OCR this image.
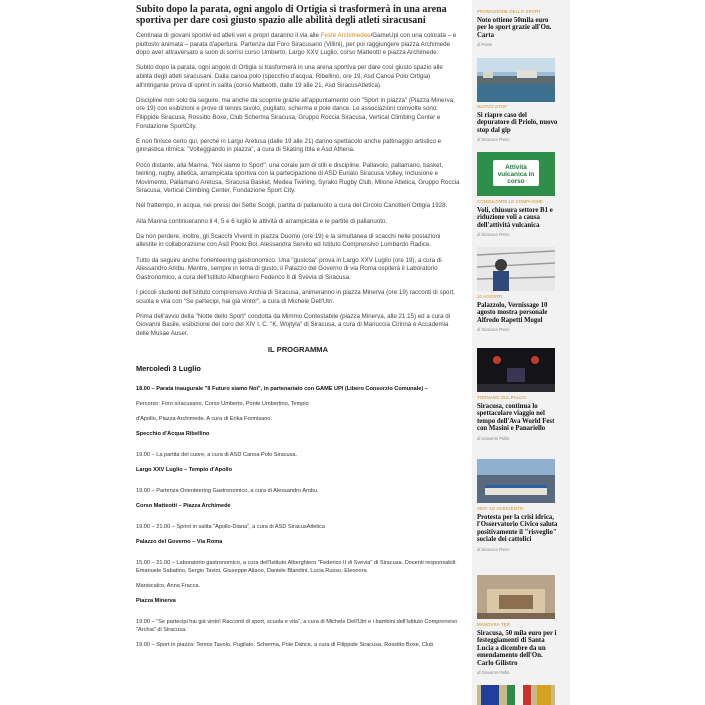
Subito dopo la parata, ogni angolo di Ortigia si trasformerà in una arena sportiva per dare così giusto spazio alle abilità degli atleti siracusani

Centinaia di giovani sportivi ed atleti veri e propri daranno il via alle Feste Archimedee/GameUpi con una colorata – e piuttosto animata – parata d'apertura. Partenza dal Foro Siracusano (Villini), per poi raggiungere piazza Archimede dopo aver attraversato a suon di sorrisi corso Umberto, Largo XXV Luglio, corso Matteotti e piazza Archimede.

Subito dopo la parata, ogni angolo di Ortigia si trasformerà in una arena sportiva per dare così giusto spazio alle abilità degli atleti siracusani. Dalla canoa polo (specchio d'acqua, Ribellino, ore 19, Asd Canoa Polo Ortigia) all'intrigante prova di sprint in salita (corso Matteotti, dalle 19 alle 21, Asd SiracusAtletica).

Discipline non solo da seguire, ma anche da scoprire grazie all'appuntamento con "Sport in piazza" (Piazza Minerva, ore 19) con esibizioni e prove di tennis tavolo, pugilato, scherma e pole dance. Le associazioni coinvolte sono: Filippide Siracusa, Rossitto Boxe, Club Scherma Siracusa, Gruppo Roccia Siracusa, Vertical Climbing Center e Fondazione SportCity.

E non finisce certo qui, perché in Largo Aretusa (dalle 19 alle 21) danno spettacolo anche pattinaggio artistico e ginnastica ritmica: "Volteggiando in piazza", a cura di Skating Ibla e Asd Athena.

Poco distante, alla Marina, "Noi siamo lo Sport": una corale jam di stili e discipline. Pallavolo, pallamano, basket, twirling, rugby, atletica, arrampicata sportiva con la partecipazione di ASD Eurialo Siracusa Volley, Inclusione e Movimento, Pallamano Aretusa, Siracusa Basket, Medea Twirling, Syrako Rugby Club, Milone Atletica, Gruppo Roccia Siracusa, Vertical Climbing Center, Fondazione Sport City.

Nel frattempo, in acqua, nei pressi dei Sette Scogli, partita di pallanuoto a cura del Circolo Canottieri Ortigia 1928.

Alla Marina continueranno il 4, 5 e 6 luglio le attività di arrampicata e le partite di pallanuoto.

Da non perdere, inoltre, gli Scacchi Viventi in piazza Duomo (ore 19) e la simultanea di scacchi nelle postazioni allestite in collaborazione con Asd Poolo Boi, Alessandra Servito ed Istituto Comprensivo Lombardo Radice.

Tutto da seguire anche l'orienteering gastronomico. Una "gustosa" prova in Largo XXV Luglio (ore 19), a cura di Alessandro Ambu. Mentre, sempre in tema di gusto, il Palazzo del Governo di via Roma ospiterà il Laboratorio Gastronomico, a cura dell'Istituto Alberghiero Federico II di Svevia di Siracusa.

I piccoli studenti dell'istituto comprensivo Archia di Siracusa, animeranno in piazza Minerva (ore 19) racconti di sport, scuola e vita con "Se partecipi, hai già vinto!", a cura di Michele Dell'Utri.

Prima dell'avvio della "Notte dello Sport" condotta da Mimmo Contestabile (piazza Minerva, alle 21.15) ed a cura di Giovanni Basile, esibizione del coro del XIV I. C. "K. Wojtyla" di Siracusa, a cura di Mariuccia Cirinnà e Accademia delle Musae Auser.

IL PROGRAMMA
Mercoledì 3 Luglio
18.00 – Parata inaugurale "Il Futuro siamo Noi", in partenariato con GAME UPI (Libero Consorzio Comunale) –
Percorso: Foro siracusano, Corso Umberto, Ponte Umbertino, Tempio
d'Apollo, Piazza Archimede. A cura di Erika Formisano.
Specchio d'Acqua Ribellino
19.00 – La partita del cuore, a cura di ASD Canoa Polo Siracusa.
Largo XXV Luglio – Tempio d'Apollo
19.00 – Partenza Orienteering Gastronomico, a cura di Alessandro Ambu.
Corso Matteotti – Piazza Archimede
19.00 – 21.00 – Sprint in salita "Apollo-Diana", a cura di ASD SiracusAtletica
Palazzo del Governo – Via Roma
15.00 – 21.00 – Laboratorio gastronomico, a cura dell'Istituto Alberghiero "Federico II di Svevia" di Siracusa. Docenti responsabili: Emanuele Sabatino, Sergio Tavini, Giuseppe Aliano, Daniele Blandini, Lucia Russo, Eleonora
Maniscalco, Anna Fracca.
Piazza Minerva
19.00 – "Se partecipi hai già vinto! Racconti di sport, scuola e vita", a cura di Michele Dell'Utri e i bambini dell'Istituto Comprensivo "Archia" di Siracusa.
19.00 – Sport in piazza: Tennis Tavolo, Pugilato, Scherma, Pole Dance, a cura di Filippide Siracusa, Rossitto Boxe, Club
PROMOZIONE DELLO SPORT
Noto ottiene 50mila euro per lo sport grazie all'On. Carta
di Paolo
NUOVO STOP
Si riapre caso del depuratore di Priolo, nuovo stop dal gip
di Siracusa Press
Attività vulcanica in corso
CONSULTARE LE COMPAGNIE
Voli, chiusura settore B1 e riduzione voli a causa dell'attività vulcanica
di Siracusa Press
10 AGOSTO
Palazzolo, Vernissage 10 agosto mostra personale Alfredo Rapetti Mogol
di Siracusa Press
TORNANO SUL PALCO
Siracusa, continua lo spettacolare viaggio nel tempo dell'Ava World Fest con Masini e Panariello
di Giovanni Pollio
SERI AD AGRIGENTO
Protesta per la crisi idrica, l'Osservatorio Civico saluta positivamente il "risveglio" sociale dei cattolici
di Siracusa Press
MANOVRA TER
Siracusa, 50 mila euro per i festeggiamenti di Santa Lucia a dicembre da un emendamento dell'On. Carlo Gilistro
di Giovanni Pollio
